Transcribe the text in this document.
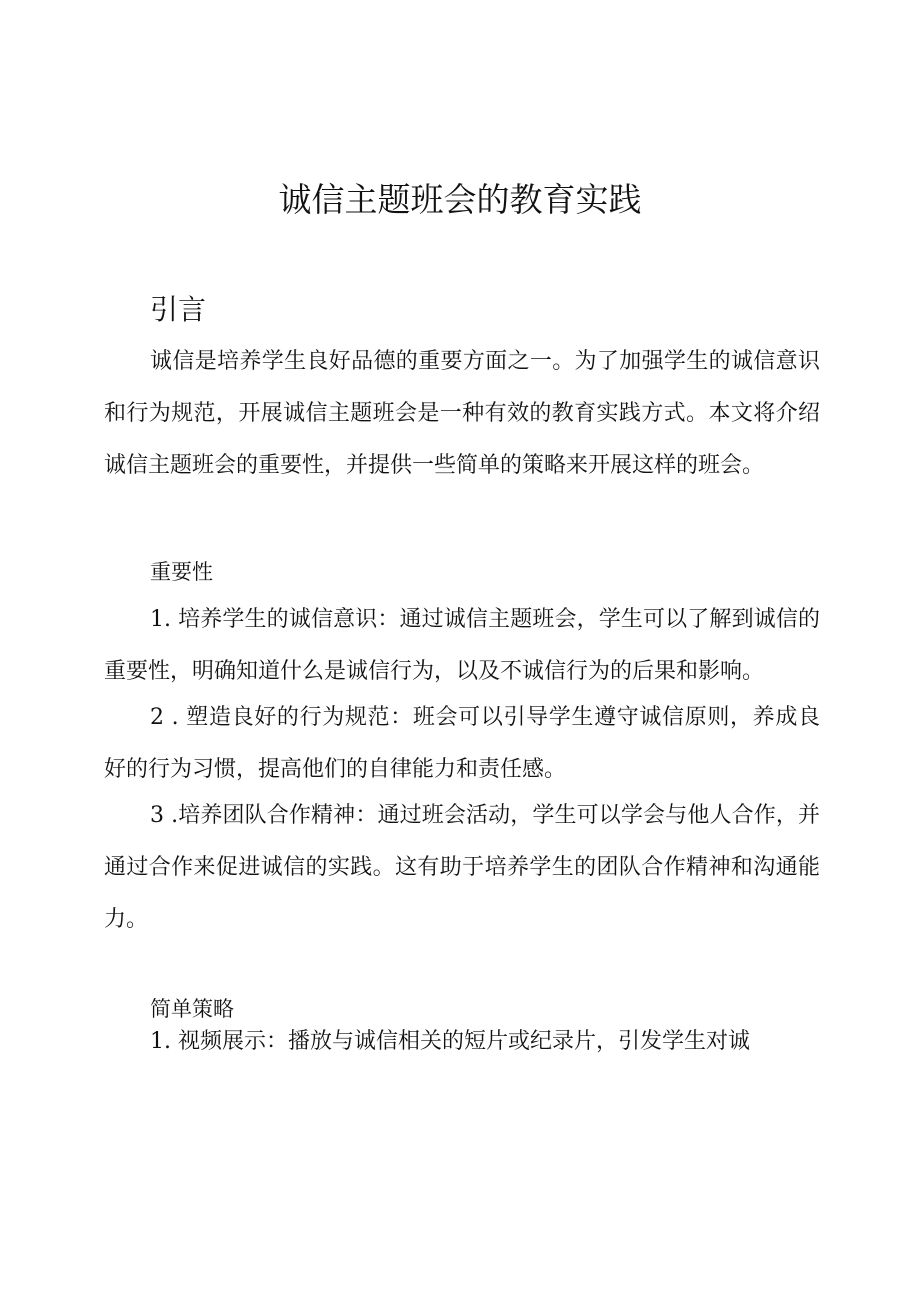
诚信主题班会的教育实践
引言

诚信是培养学生良好品德的重要方面之一。为了加强学生的诚信意识和行为规范，开展诚信主题班会是一种有效的教育实践方式。本文将介绍诚信主题班会的重要性，并提供一些简单的策略来开展这样的班会。

重要性

1. 培养学生的诚信意识：通过诚信主题班会，学生可以了解到诚信的重要性，明确知道什么是诚信行为，以及不诚信行为的后果和影响。

2 . 塑造良好的行为规范：班会可以引导学生遵守诚信原则，养成良好的行为习惯，提高他们的自律能力和责任感。

3 .培养团队合作精神：通过班会活动，学生可以学会与他人合作，并通过合作来促进诚信的实践。这有助于培养学生的团队合作精神和沟通能力。

简单策略

1. 视频展示：播放与诚信相关的短片或纪录片，引发学生对诚
